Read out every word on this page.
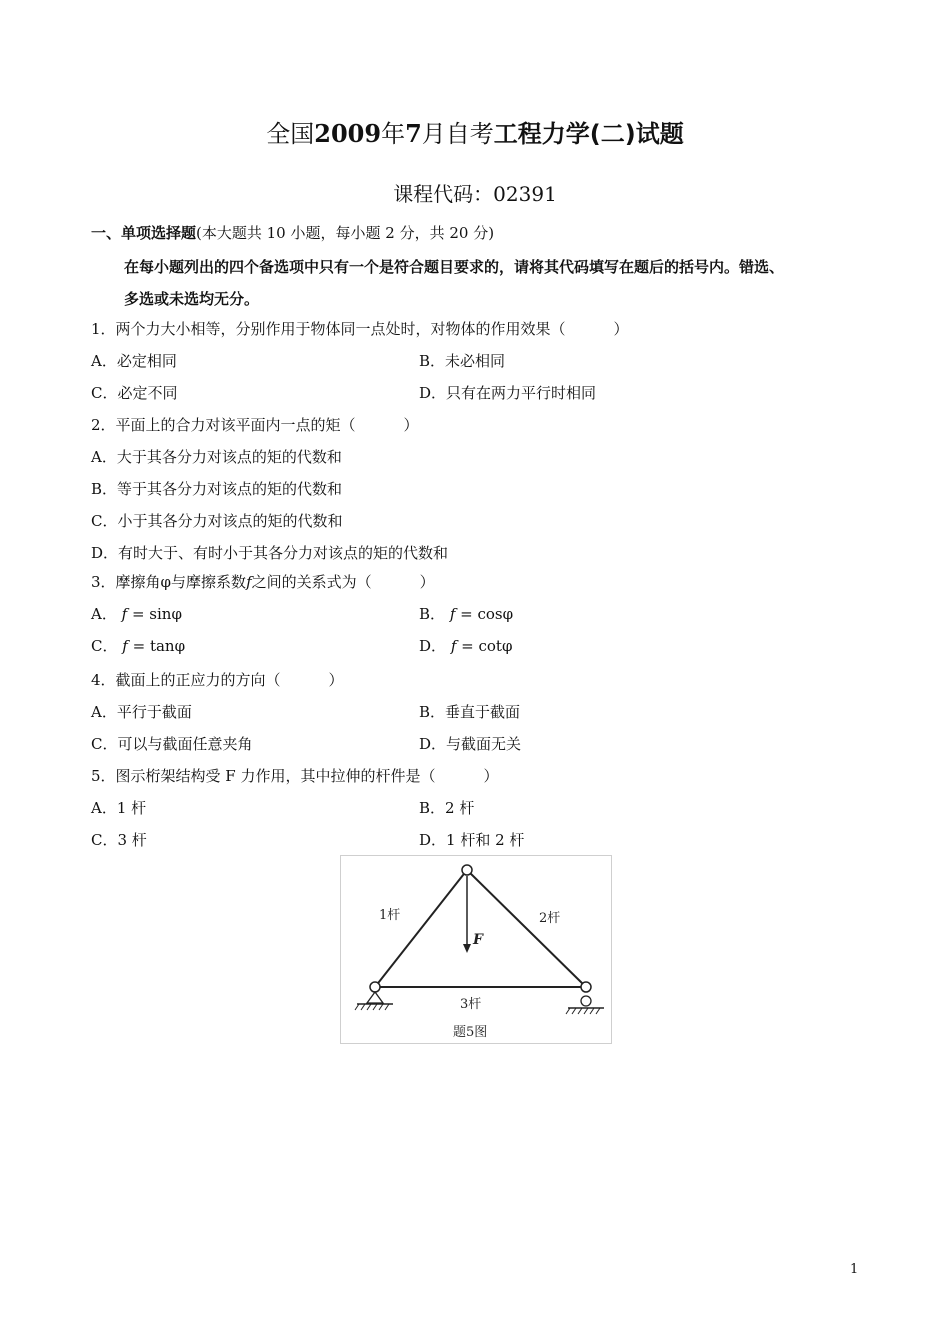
全国2009年7月自考工程力学(二)试题
课程代码：02391
一、单项选择题(本大题共 10 小题，每小题 2 分，共 20 分)
在每小题列出的四个备选项中只有一个是符合题目要求的，请将其代码填写在题后的括号内。错选、
多选或未选均无分。
1．两个力大小相等，分别作用于物体同一点处时，对物体的作用效果（	）
A．必定相同	B．未必相同
C．必定不同	D．只有在两力平行时相同
2．平面上的合力对该平面内一点的矩（	）
A．大于其各分力对该点的矩的代数和
B．等于其各分力对该点的矩的代数和
C．小于其各分力对该点的矩的代数和
D．有时大于、有时小于其各分力对该点的矩的代数和
3．摩擦角φ与摩擦系数f之间的关系式为（	）
A． f = sinφ	B． f = cosφ
C． f = tanφ	D． f = cotφ
4．截面上的正应力的方向（	）
A．平行于截面	B．垂直于截面
C．可以与截面任意夹角	D．与截面无关
5．图示桁架结构受 F 力作用，其中拉伸的杆件是（	）
A．1 杆	B．2 杆
C．3 杆	D．1 杆和 2 杆
1杆	2杆
3杆
F
题5图
1
